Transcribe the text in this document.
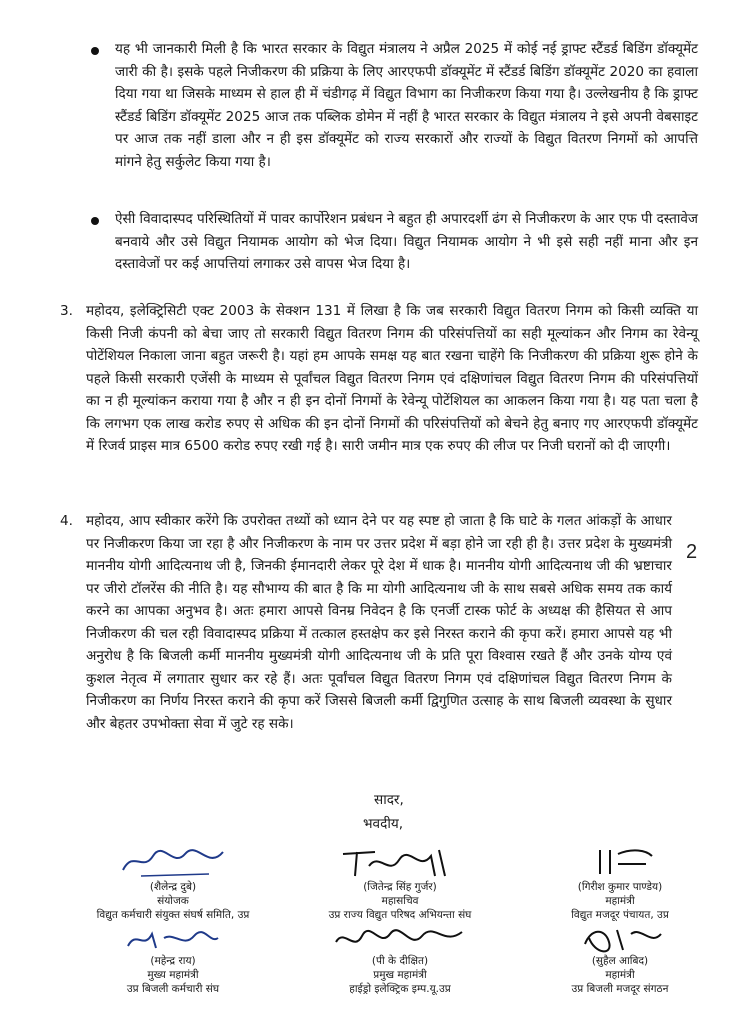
यह भी जानकारी मिली है कि भारत सरकार के विद्युत मंत्रालय ने अप्रैल 2025 में कोई नई ड्राफ्ट स्टैंडर्ड बिडिंग डॉक्यूमेंट जारी की है। इसके पहले निजीकरण की प्रक्रिया के लिए आरएफपी डॉक्यूमेंट में स्टैंडर्ड बिडिंग डॉक्यूमेंट 2020 का हवाला दिया गया था जिसके माध्यम से हाल ही में चंडीगढ़ में विद्युत विभाग का निजीकरण किया गया है। उल्लेखनीय है कि ड्राफ्ट स्टैंडर्ड बिडिंग डॉक्यूमेंट 2025 आज तक पब्लिक डोमेन में नहीं है भारत सरकार के विद्युत मंत्रालय ने इसे अपनी वेबसाइट पर आज तक नहीं डाला और न ही इस डॉक्यूमेंट को राज्य सरकारों और राज्यों के विद्युत वितरण निगमों को आपत्ति मांगने हेतु सर्कुलेट किया गया है।

ऐसी विवादास्पद परिस्थितियों में पावर कार्पोरेशन प्रबंधन ने बहुत ही अपारदर्शी ढंग से निजीकरण के आर एफ पी दस्तावेज बनवाये और उसे विद्युत नियामक आयोग को भेज दिया। विद्युत नियामक आयोग ने भी इसे सही नहीं माना और इन दस्तावेजों पर कई आपत्तियां लगाकर उसे वापस भेज दिया है।

3. महोदय, इलेक्ट्रिसिटी एक्ट 2003 के सेक्शन 131 में लिखा है कि जब सरकारी विद्युत वितरण निगम को किसी व्यक्ति या किसी निजी कंपनी को बेचा जाए तो सरकारी विद्युत वितरण निगम की परिसंपत्तियों का सही मूल्यांकन और निगम का रेवेन्यू पोटेंशियल निकाला जाना बहुत जरूरी है। यहां हम आपके समक्ष यह बात रखना चाहेंगे कि निजीकरण की प्रक्रिया शुरू होने के पहले किसी सरकारी एजेंसी के माध्यम से पूर्वांचल विद्युत वितरण निगम एवं दक्षिणांचल विद्युत वितरण निगम की परिसंपत्तियों का न ही मूल्यांकन कराया गया है और न ही इन दोनों निगमों के रेवेन्यू पोटेंशियल का आकलन किया गया है। यह पता चला है कि लगभग एक लाख करोड रुपए से अधिक की इन दोनों निगमों की परिसंपत्तियों को बेचने हेतु बनाए गए आरएफपी डॉक्यूमेंट में रिजर्व प्राइस मात्र 6500 करोड रुपए रखी गई है। सारी जमीन मात्र एक रुपए की लीज पर निजी घरानों को दी जाएगी।

4. महोदय, आप स्वीकार करेंगे कि उपरोक्त तथ्यों को ध्यान देने पर यह स्पष्ट हो जाता है कि घाटे के गलत आंकड़ों के आधार पर निजीकरण किया जा रहा है और निजीकरण के नाम पर उत्तर प्रदेश में बड़ा होने जा रही ही है। उत्तर प्रदेश के मुख्यमंत्री माननीय योगी आदित्यनाथ जी है, जिनकी ईमानदारी लेकर पूरे देश में धाक है। माननीय योगी आदित्यनाथ जी की भ्रष्टाचार पर जीरो टॉलरेंस की नीति है। यह सौभाग्य की बात है कि मा योगी आदित्यनाथ जी के साथ सबसे अधिक समय तक कार्य करने का आपका अनुभव है। अतः हमारा आपसे विनम्र निवेदन है कि एनर्जी टास्क फोर्ट के अध्यक्ष की हैसियत से आप निजीकरण की चल रही विवादास्पद प्रक्रिया में तत्काल हस्तक्षेप कर इसे निरस्त कराने की कृपा करें। हमारा आपसे यह भी अनुरोध है कि बिजली कर्मी माननीय मुख्यमंत्री योगी आदित्यनाथ जी के प्रति पूरा विश्वास रखते हैं और उनके योग्य एवं कुशल नेतृत्व में लगातार सुधार कर रहे हैं। अतः पूर्वांचल विद्युत वितरण निगम एवं दक्षिणांचल विद्युत वितरण निगम के निजीकरण का निर्णय निरस्त कराने की कृपा करें जिससे बिजली कर्मी द्विगुणित उत्साह के साथ बिजली व्यवस्था के सुधार और बेहतर उपभोक्ता सेवा में जुटे रह सके।

2
सादर,
भवदीय,
(शैलेन्द्र दुबे)
संयोजक
विद्युत कर्मचारी संयुक्त संघर्ष समिति, उप्र
(जितेन्द्र सिंह गुर्जर)
महासचिव
उप्र राज्य विद्युत परिषद अभियन्ता संघ
(गिरीश कुमार पाण्डेय)
महामंत्री
विद्युत मजदूर पंचायत, उप्र
(महेन्द्र राय)
मुख्य महामंत्री
उप्र बिजली कर्मचारी संघ
(पी के दीक्षित)
प्रमुख महामंत्री
हाईड्रो इलेक्ट्रिक इम्प.यू.उप्र
(सुहैल आबिद)
महामंत्री
उप्र बिजली मजदूर संगठन
